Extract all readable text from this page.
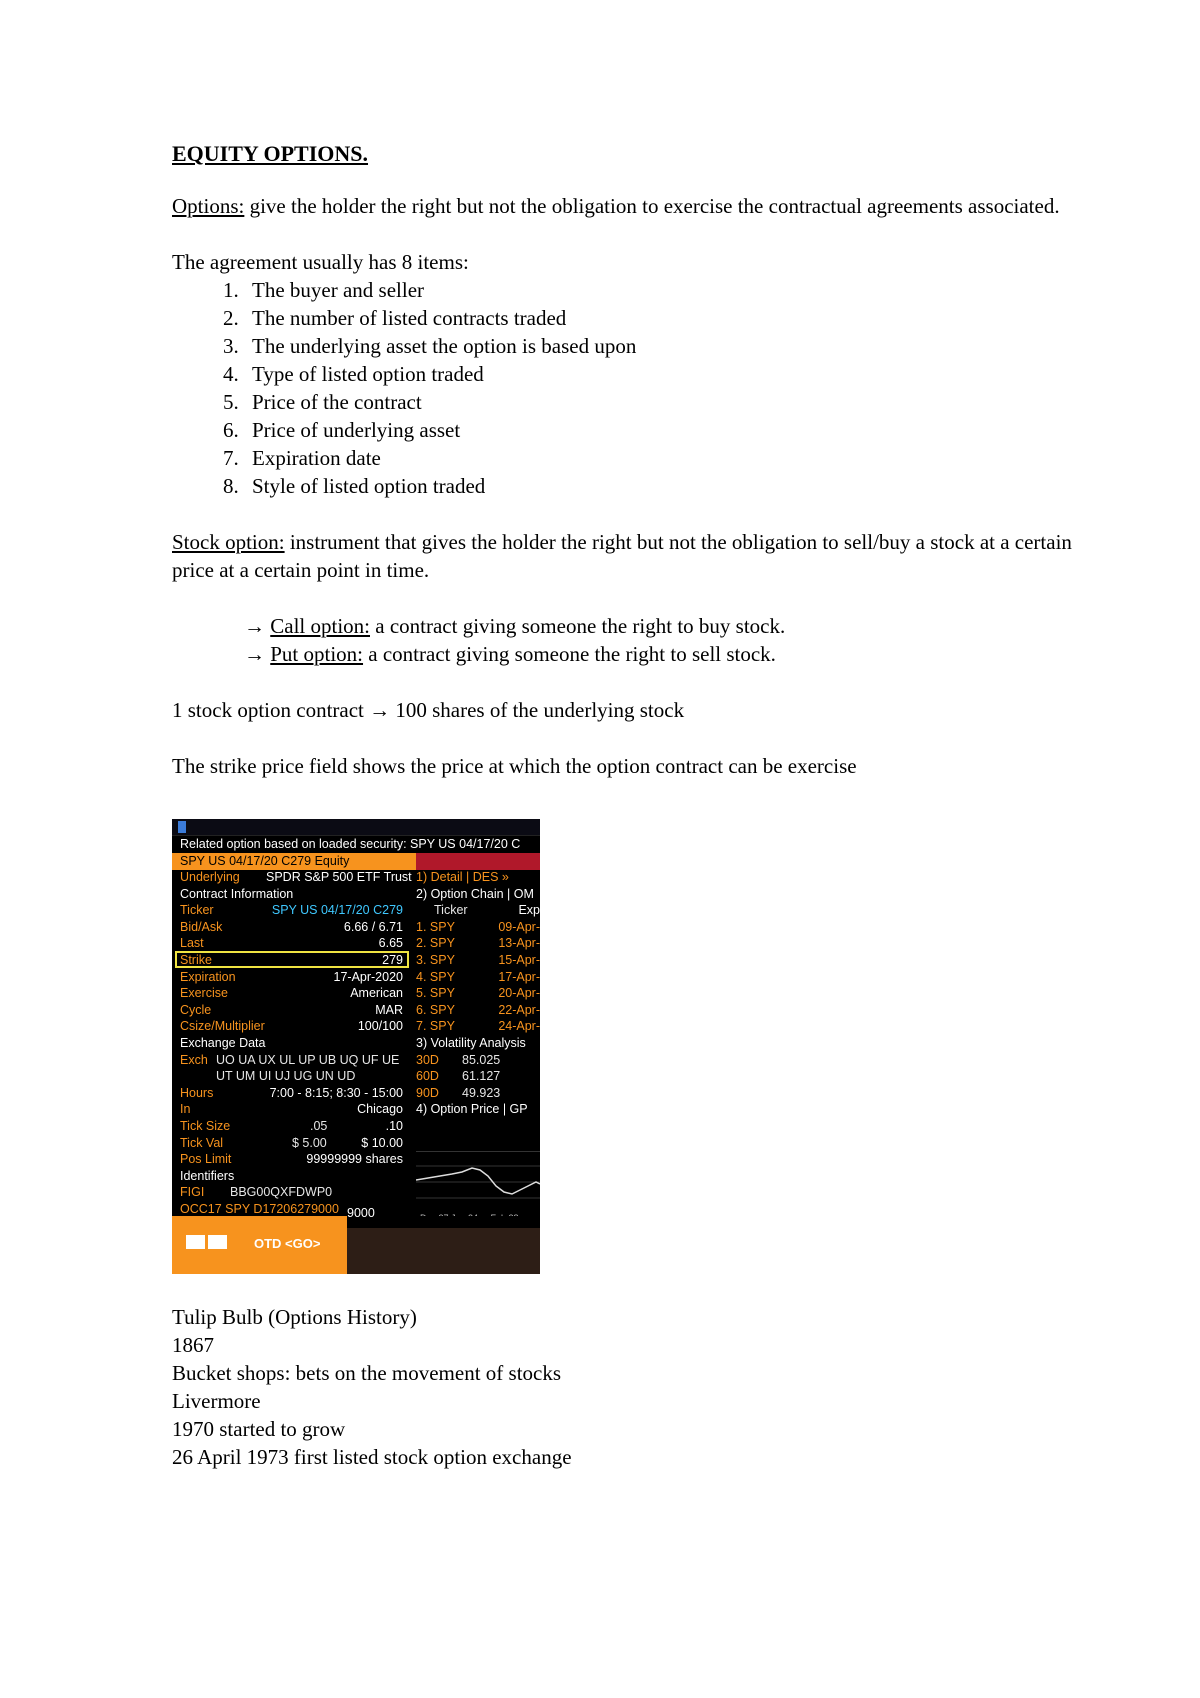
EQUITY OPTIONS.

Options: give the holder the right but not the obligation to exercise the contractual agreements associated.

The agreement usually has 8 items:

1. The buyer and seller
2. The number of listed contracts traded
3. The underlying asset the option is based upon
4. Type of listed option traded
5. Price of the contract
6. Price of underlying asset
7. Expiration date
8. Style of listed option traded

Stock option: instrument that gives the holder the right but not the obligation to sell/buy a stock at a certain price at a certain point in time.

→ Call option: a contract giving someone the right to buy stock.

→ Put option: a contract giving someone the right to sell stock.

1 stock option contract → 100 shares of the underlying stock

The strike price field shows the price at which the option contract can be exercise

Related option based on loaded security: SPY US 04/17/20 C
SPY US 04/17/20 C279 Equity
Underlying SPDR S&P 500 ETF Trust
Contract Information
Ticker	SPY US 04/17/20 C279
Bid/Ask	6.66 / 6.71
Last	6.65
Strike	279
Expiration	17-Apr-2020
Exercise	American
Cycle	MAR
Csize/Multiplier	100/100
Exchange Data
Exch UO UA UX UL UP UB UQ UF UE
UT UM UI UJ UG UN UD
Hours	7:00 - 8:15; 8:30 - 15:00
In	Chicago
Tick Size	.05	.10
Tick Val	$ 5.00	$ 10.00
Pos Limit	99999999 shares
Identifiers
FIGI BBG00QXFDWP0
OCC17 SPY D17206279000
1) Detail | DES »
2) Option Chain | OM
Ticker	Exp
1. SPY	09-Apr-
2. SPY	13-Apr-
3. SPY	15-Apr-
4. SPY	17-Apr-
5. SPY	20-Apr-
6. SPY	22-Apr-
7. SPY	24-Apr-
3) Volatility Analysis
30D 85.025
60D 61.127
90D 49.923
4) Option Price | GP
9000
OTD <GO>

Tulip Bulb (Options History)

1867

Bucket shops: bets on the movement of stocks

Livermore

1970 started to grow

26 April 1973 first listed stock option exchange
